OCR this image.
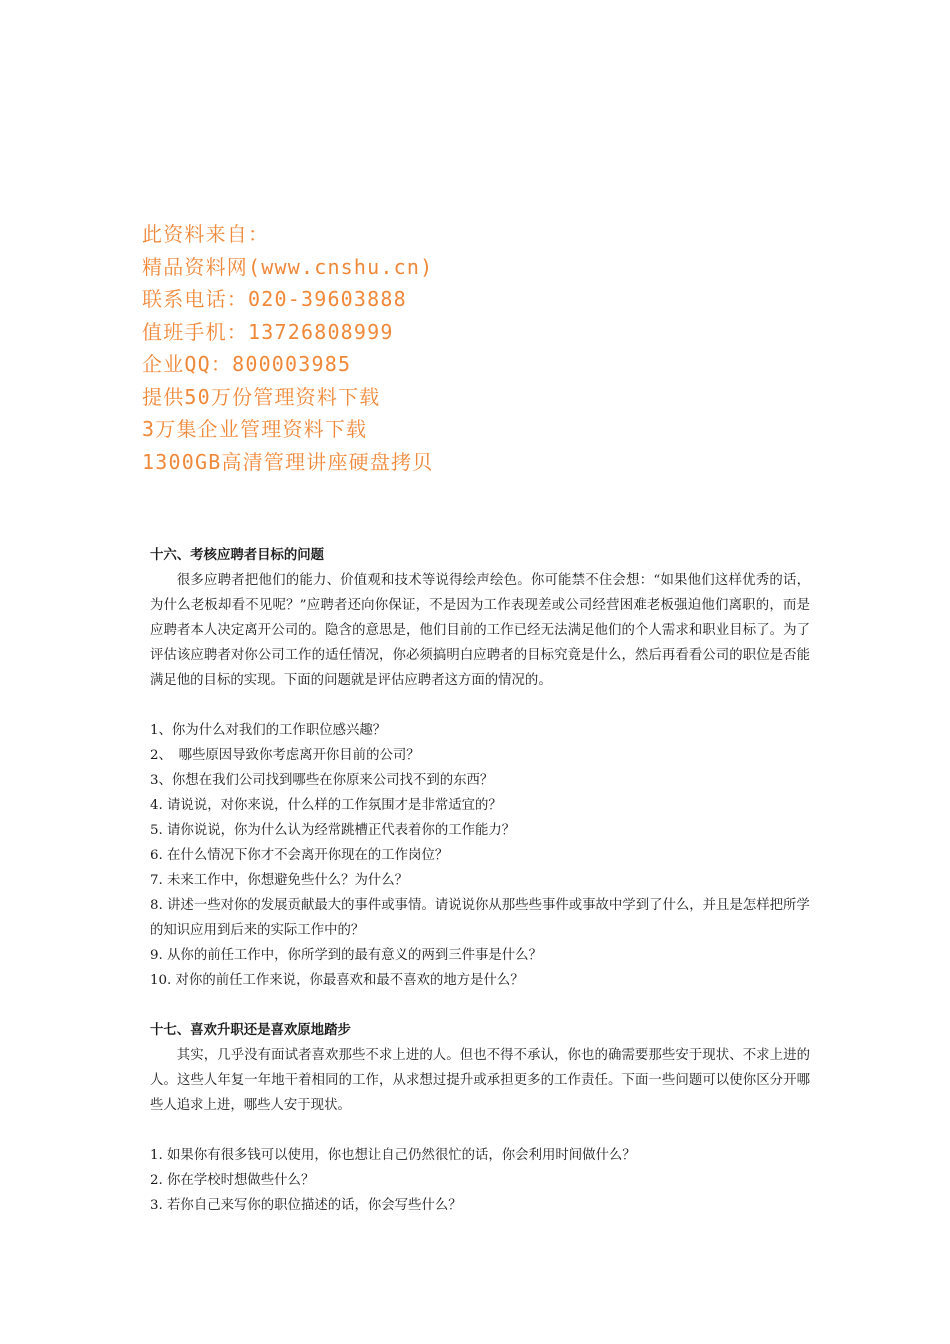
此资料来自：
精品资料网(www.cnshu.cn)
联系电话：020-39603888
值班手机：13726808999
企业QQ：800003985
提供50万份管理资料下载
3万集企业管理资料下载
1300GB高清管理讲座硬盘拷贝

十六、考核应聘者目标的问题

很多应聘者把他们的能力、价值观和技术等说得绘声绘色。你可能禁不住会想：“如果他们这样优秀的话，为什么老板却看不见呢？”应聘者还向你保证，不是因为工作表现差或公司经营困难老板强迫他们离职的，而是应聘者本人决定离开公司的。隐含的意思是，他们目前的工作已经无法满足他们的个人需求和职业目标了。为了评估该应聘者对你公司工作的适任情况，你必须搞明白应聘者的目标究竟是什么，然后再看看公司的职位是否能满足他的目标的实现。下面的问题就是评估应聘者这方面的情况的。

1、你为什么对我们的工作职位感兴趣？
2、　哪些原因导致你考虑离开你目前的公司？
3、你想在我们公司找到哪些在你原来公司找不到的东西？
4. 请说说，对你来说，什么样的工作氛围才是非常适宜的？
5. 请你说说，你为什么认为经常跳槽正代表着你的工作能力？
6. 在什么情况下你才不会离开你现在的工作岗位？
7. 未来工作中，你想避免些什么？为什么？
8. 讲述一些对你的发展贡献最大的事件或事情。请说说你从那些些事件或事故中学到了什么，并且是怎样把所学的知识应用到后来的实际工作中的？
9. 从你的前任工作中，你所学到的最有意义的两到三件事是什么？
10. 对你的前任工作来说，你最喜欢和最不喜欢的地方是什么？

十七、喜欢升职还是喜欢原地踏步

其实，几乎没有面试者喜欢那些不求上进的人。但也不得不承认，你也的确需要那些安于现状、不求上进的人。这些人年复一年地干着相同的工作，从求想过提升或承担更多的工作责任。下面一些问题可以使你区分开哪些人追求上进，哪些人安于现状。

1. 如果你有很多钱可以使用，你也想让自己仍然很忙的话，你会利用时间做什么？
2. 你在学校时想做些什么？
3. 若你自己来写你的职位描述的话，你会写些什么？
